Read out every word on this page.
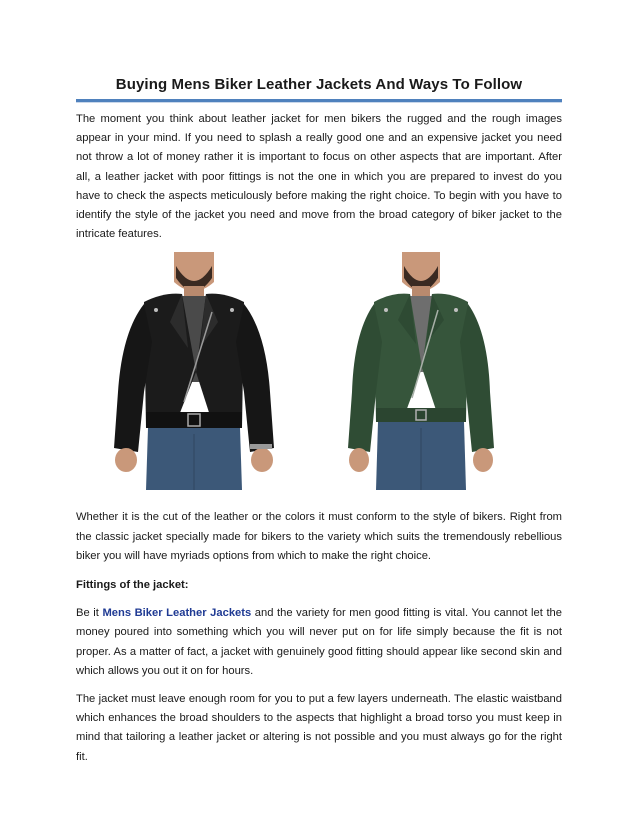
Buying Mens Biker Leather Jackets And Ways To Follow

The moment you think about leather jacket for men bikers the rugged and the rough images appear in your mind. If you need to splash a really good one and an expensive jacket you need not throw a lot of money rather it is important to focus on other aspects that are important. After all, a leather jacket with poor fittings is not the one in which you are prepared to invest do you have to check the aspects meticulously before making the right choice. To begin with you have to identify the style of the jacket you need and move from the broad category of biker jacket to the intricate features.

Whether it is the cut of the leather or the colors it must conform to the style of bikers. Right from the classic jacket specially made for bikers to the variety which suits the tremendously rebellious biker you will have myriads options from which to make the right choice.

Fittings of the jacket:

Be it Mens Biker Leather Jackets and the variety for men good fitting is vital. You cannot let the money poured into something which you will never put on for life simply because the fit is not proper. As a matter of fact, a jacket with genuinely good fitting should appear like second skin and which allows you out it on for hours.

The jacket must leave enough room for you to put a few layers underneath. The elastic waistband which enhances the broad shoulders to the aspects that highlight a broad torso you must keep in mind that tailoring a leather jacket or altering is not possible and you must always go for the right fit.
